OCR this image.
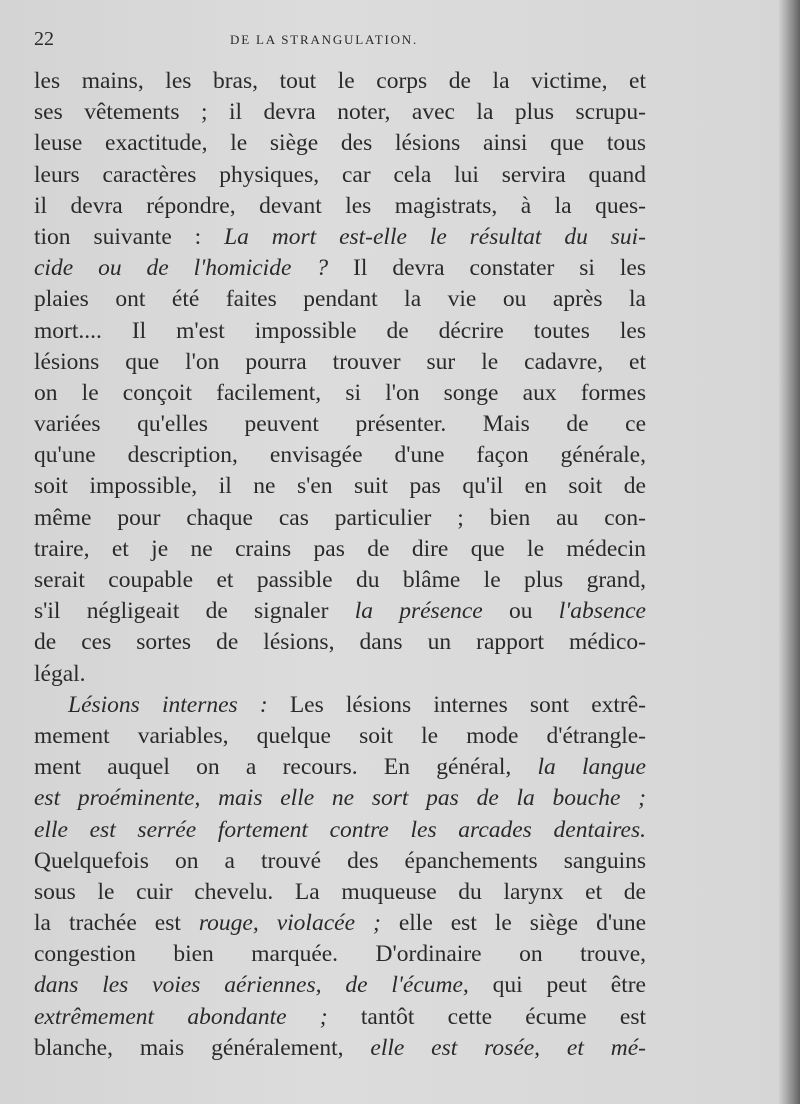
22	DE LA STRANGULATION.
les mains, les bras, tout le corps de la victime, et
ses vêtements ; il devra noter, avec la plus scrupu-
leuse exactitude, le siège des lésions ainsi que tous
leurs caractères physiques, car cela lui servira quand
il devra répondre, devant les magistrats, à la ques-
tion suivante : La mort est-elle le résultat du sui-
cide ou de l'homicide ? Il devra constater si les
plaies ont été faites pendant la vie ou après la
mort.... Il m'est impossible de décrire toutes les
lésions que l'on pourra trouver sur le cadavre, et
on le conçoit facilement, si l'on songe aux formes
variées qu'elles peuvent présenter. Mais de ce
qu'une description, envisagée d'une façon générale,
soit impossible, il ne s'en suit pas qu'il en soit de
même pour chaque cas particulier ; bien au con-
traire, et je ne crains pas de dire que le médecin
serait coupable et passible du blâme le plus grand,
s'il négligeait de signaler la présence ou l'absence
de ces sortes de lésions, dans un rapport médico-
légal.
Lésions internes : Les lésions internes sont extrê-
mement variables, quelque soit le mode d'étrangle-
ment auquel on a recours. En général, la langue
est proéminente, mais elle ne sort pas de la bouche ;
elle est serrée fortement contre les arcades dentaires.
Quelquefois on a trouvé des épanchements sanguins
sous le cuir chevelu. La muqueuse du larynx et de
la trachée est rouge, violacée ; elle est le siège d'une
congestion bien marquée. D'ordinaire on trouve,
dans les voies aériennes, de l'écume, qui peut être
extrêmement abondante ; tantôt cette écume est
blanche, mais généralement, elle est rosée, et mé-
